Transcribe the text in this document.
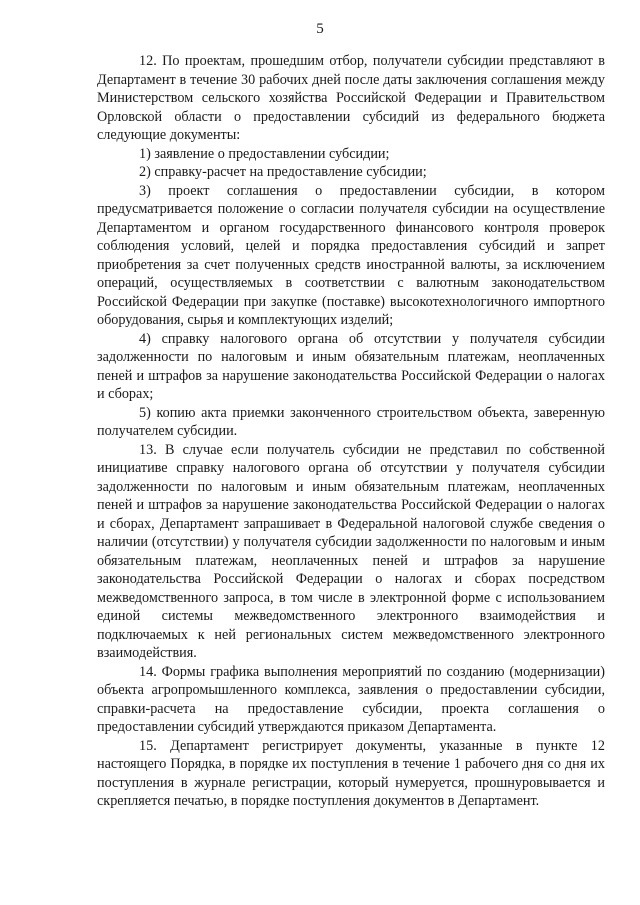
5

12. По проектам, прошедшим отбор, получатели субсидии представляют в Департамент в течение 30 рабочих дней после даты заключения соглашения между Министерством сельского хозяйства Российской Федерации и Правительством Орловской области о предоставлении субсидий из федерального бюджета следующие документы:

1) заявление о предоставлении субсидии;

2) справку-расчет на предоставление субсидии;

3) проект соглашения о предоставлении субсидии, в котором предусматривается положение о согласии получателя субсидии на осуществление Департаментом и органом государственного финансового контроля проверок соблюдения условий, целей и порядка предоставления субсидий и запрет приобретения за счет полученных средств иностранной валюты, за исключением операций, осуществляемых в соответствии с валютным законодательством Российской Федерации при закупке (поставке) высокотехнологичного импортного оборудования, сырья и комплектующих изделий;

4) справку налогового органа об отсутствии у получателя субсидии задолженности по налоговым и иным обязательным платежам, неоплаченных пеней и штрафов за нарушение законодательства Российской Федерации о налогах и сборах;

5) копию акта приемки законченного строительством объекта, заверенную получателем субсидии.

13. В случае если получатель субсидии не представил по собственной инициативе справку налогового органа об отсутствии у получателя субсидии задолженности по налоговым и иным обязательным платежам, неоплаченных пеней и штрафов за нарушение законодательства Российской Федерации о налогах и сборах, Департамент запрашивает в Федеральной налоговой службе сведения о наличии (отсутствии) у получателя субсидии задолженности по налоговым и иным обязательным платежам, неоплаченных пеней и штрафов за нарушение законодательства Российской Федерации о налогах и сборах посредством межведомственного запроса, в том числе в электронной форме с использованием единой системы межведомственного электронного взаимодействия и подключаемых к ней региональных систем межведомственного электронного взаимодействия.

14. Формы графика выполнения мероприятий по созданию (модернизации) объекта агропромышленного комплекса, заявления о предоставлении субсидии, справки-расчета на предоставление субсидии, проекта соглашения о предоставлении субсидий утверждаются приказом Департамента.

15. Департамент регистрирует документы, указанные в пункте 12 настоящего Порядка, в порядке их поступления в течение 1 рабочего дня со дня их поступления в журнале регистрации, который нумеруется, прошнуровывается и скрепляется печатью, в порядке поступления документов в Департамент.
